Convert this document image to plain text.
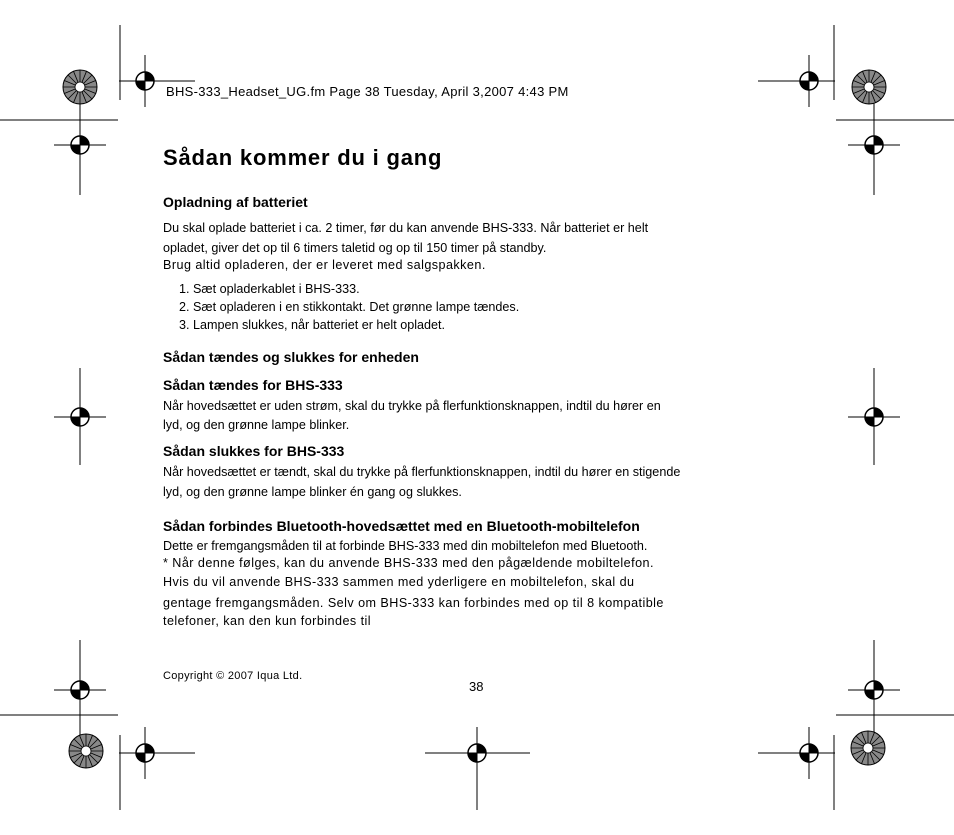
BHS-333_Headset_UG.fm Page 38 Tuesday, April 3,2007 4:43 PM
Sådan kommer du i gang
Opladning af batteriet
Du skal oplade batteriet i ca. 2 timer, før du kan anvende BHS-333. Når batteriet er helt
opladet, giver det op til 6 timers taletid og op til 150 timer på standby.
Brug altid opladeren, der er leveret med salgspakken.
1. Sæt opladerkablet i BHS-333.
2. Sæt opladeren i en stikkontakt. Det grønne lampe tændes.
3. Lampen slukkes, når batteriet er helt opladet.
Sådan tændes og slukkes for enheden
Sådan tændes for BHS-333
Når hovedsættet er uden strøm, skal du trykke på flerfunktionsknappen, indtil du hører en
lyd, og den grønne lampe blinker.
Sådan slukkes for BHS-333
Når hovedsættet er tændt, skal du trykke på flerfunktionsknappen, indtil du hører en stigende
lyd, og den grønne lampe blinker én gang og slukkes.
Sådan forbindes Bluetooth-hovedsættet med en Bluetooth-mobiltelefon
Dette er fremgangsmåden til at forbinde BHS-333 med din mobiltelefon med Bluetooth.
* Når denne følges, kan du anvende BHS-333 med den pågældende mobiltelefon.
Hvis du vil anvende BHS-333 sammen med yderligere en mobiltelefon, skal du
gentage fremgangsmåden. Selv om BHS-333 kan forbindes med op til 8 kompatible
telefoner, kan den kun forbindes til
Copyright © 2007 Iqua Ltd.
38
